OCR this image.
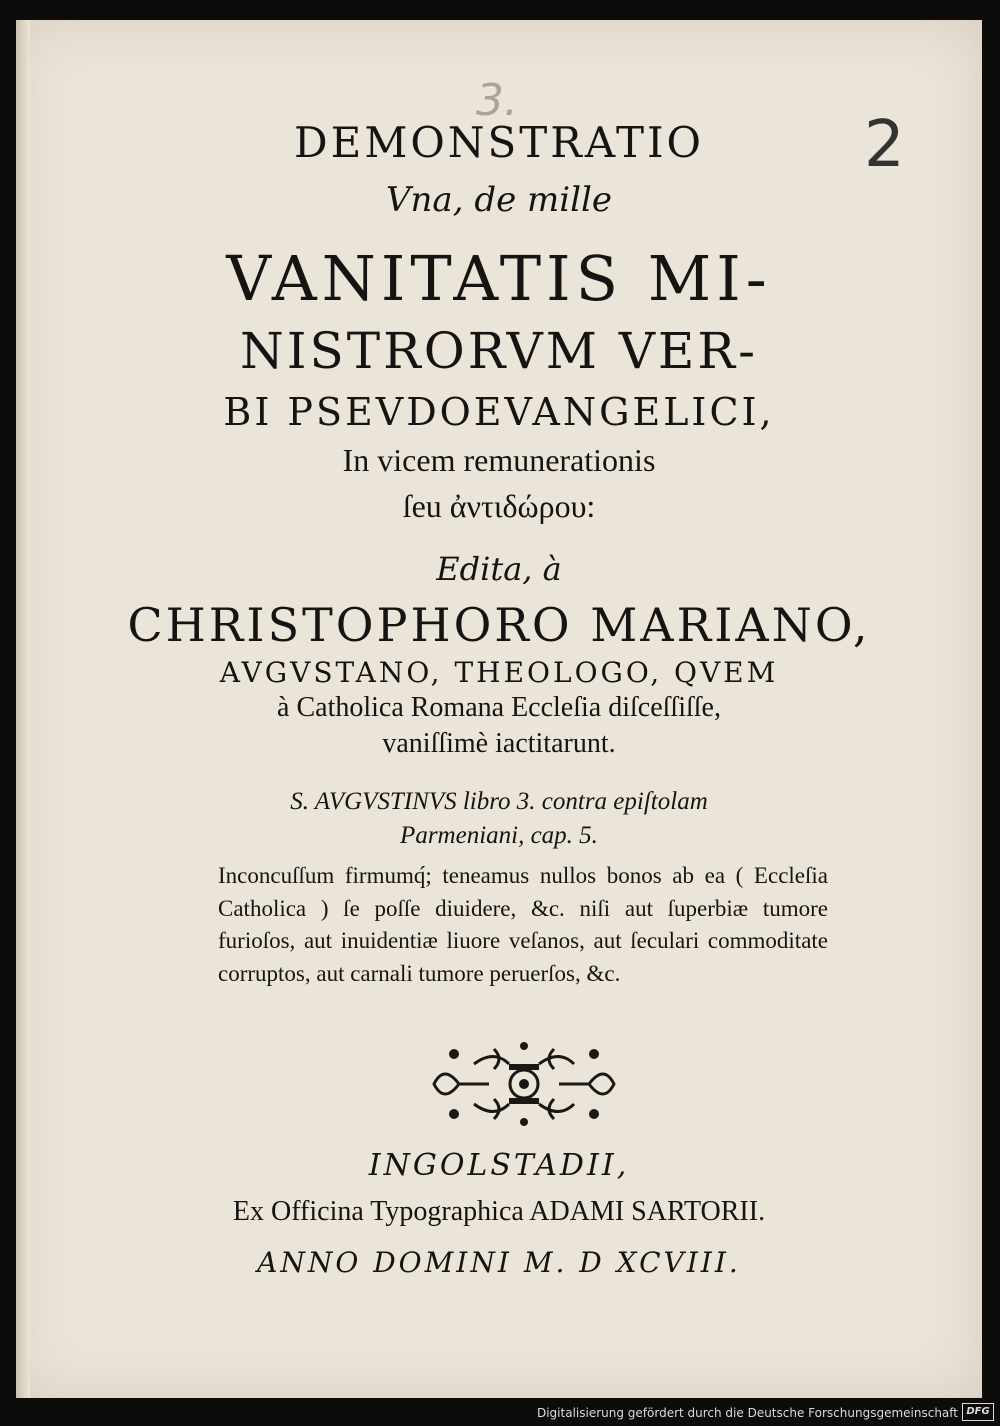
3.
2
DEMONSTRATIO
Vna, de mille
VANITATIS MI-
NISTRORVM VER-
BI PSEVDOEVANGELICI,
In vicem remunerationis
ſeu ἀντιδώρου:
Edita, à
CHRISTOPHORO MARIANO,
AVGVSTANO, THEOLOGO, QVEM
à Catholica Romana Eccleſia diſceſſiſſe,
vaniſſimè iactitarunt.
S. AVGVSTINVS libro 3. contra epiſtolam
Parmeniani, cap. 5.

Inconcuſſum firmumq́; teneamus nullos bonos ab ea ( Eccleſia Catholica ) ſe poſſe diuidere, &c. niſi aut ſuperbiæ tumore furioſos, aut inuidentiæ liuore veſanos, aut ſeculari commoditate corruptos, aut carnali tumore peruerſos, &c.

INGOLSTADII,
Ex Officina Typographica ADAMI SARTORII.
ANNO DOMINI M. D XCVIII.
Digitalisierung gefördert durch die Deutsche Forschungsgemeinschaft DFG
